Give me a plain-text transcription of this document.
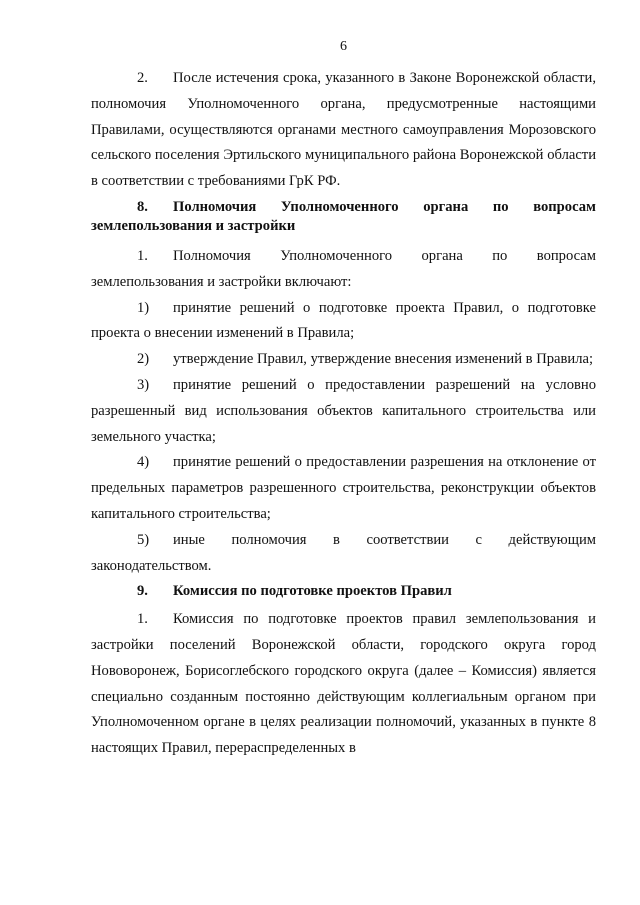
6

2. После истечения срока, указанного в Законе Воронежской области, полномочия Уполномоченного органа, предусмотренные настоящими Правилами, осуществляются органами местного самоуправления Морозовского сельского поселения Эртильского муниципального района Воронежской области в соответствии с требованиями ГрК РФ.

8. Полномочия Уполномоченного органа по вопросам землепользования и застройки

1. Полномочия Уполномоченного органа по вопросам землепользования и застройки включают:

1) принятие решений о подготовке проекта Правил, о подготовке проекта о внесении изменений в Правила;

2) утверждение Правил, утверждение внесения изменений в Правила;

3) принятие решений о предоставлении разрешений на условно разрешенный вид использования объектов капитального строительства или земельного участка;

4) принятие решений о предоставлении разрешения на отклонение от предельных параметров разрешенного строительства, реконструкции объектов капитального строительства;

5) иные полномочия в соответствии с действующим законодательством.

9. Комиссия по подготовке проектов Правил

1. Комиссия по подготовке проектов правил землепользования и застройки поселений Воронежской области, городского округа город Нововоронеж, Борисоглебского городского округа (далее – Комиссия) является специально созданным постоянно действующим коллегиальным органом при Уполномоченном органе в целях реализации полномочий, указанных в пункте 8 настоящих Правил, перераспределенных в
